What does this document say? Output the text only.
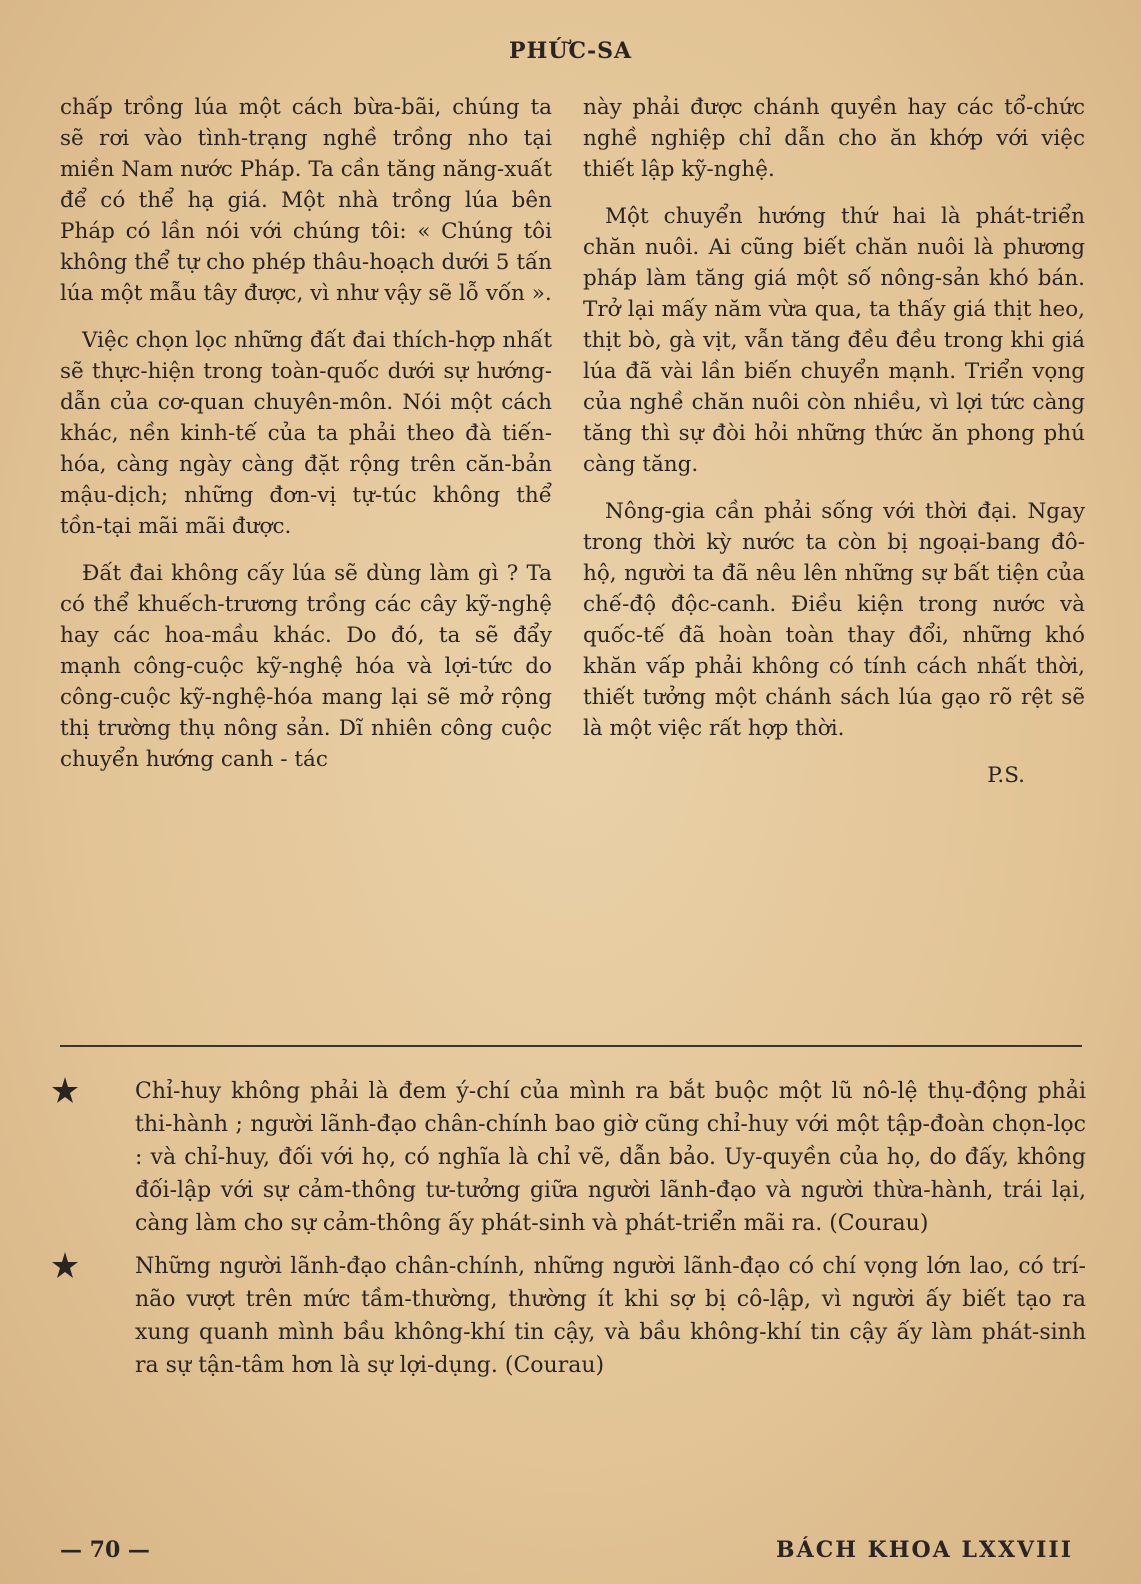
PHỨC-SA

chấp trồng lúa một cách bừa-bãi, chúng ta sẽ rơi vào tình-trạng nghề trồng nho tại miền Nam nước Pháp. Ta cần tăng năng-xuất để có thể hạ giá. Một nhà trồng lúa bên Pháp có lần nói với chúng tôi: « Chúng tôi không thể tự cho phép thâu-hoạch dưới 5 tấn lúa một mẫu tây được, vì như vậy sẽ lỗ vốn ».

Việc chọn lọc những đất đai thích-hợp nhất sẽ thực-hiện trong toàn-quốc dưới sự hướng-dẫn của cơ-quan chuyên-môn. Nói một cách khác, nền kinh-tế của ta phải theo đà tiến-hóa, càng ngày càng đặt rộng trên căn-bản mậu-dịch; những đơn-vị tự-túc không thể tồn-tại mãi mãi được.

Đất đai không cấy lúa sẽ dùng làm gì ? Ta có thể khuếch-trương trồng các cây kỹ-nghệ hay các hoa-mầu khác. Do đó, ta sẽ đẩy mạnh công-cuộc kỹ-nghệ hóa và lợi-tức do công-cuộc kỹ-nghệ-hóa mang lại sẽ mở rộng thị trường thụ nông sản. Dĩ nhiên công cuộc chuyển hướng canh - tác

này phải được chánh quyền hay các tổ-chức nghề nghiệp chỉ dẫn cho ăn khớp với việc thiết lập kỹ-nghệ.

Một chuyển hướng thứ hai là phát-triển chăn nuôi. Ai cũng biết chăn nuôi là phương pháp làm tăng giá một số nông-sản khó bán. Trở lại mấy năm vừa qua, ta thấy giá thịt heo, thịt bò, gà vịt, vẫn tăng đều đều trong khi giá lúa đã vài lần biến chuyển mạnh. Triển vọng của nghề chăn nuôi còn nhiều, vì lợi tức càng tăng thì sự đòi hỏi những thức ăn phong phú càng tăng.

Nông-gia cần phải sống với thời đại. Ngay trong thời kỳ nước ta còn bị ngoại-bang đô-hộ, người ta đã nêu lên những sự bất tiện của chế-độ độc-canh. Điều kiện trong nước và quốc-tế đã hoàn toàn thay đổi, những khó khăn vấp phải không có tính cách nhất thời, thiết tưởng một chánh sách lúa gạo rõ rệt sẽ là một việc rất hợp thời.

P.S.
Chỉ-huy không phải là đem ý-chí của mình ra bắt buộc một lũ nô-lệ thụ-động phải thi-hành ; người lãnh-đạo chân-chính bao giờ cũng chỉ-huy với một tập-đoàn chọn-lọc : và chỉ-huy, đối với họ, có nghĩa là chỉ vẽ, dẫn bảo. Uy-quyền của họ, do đấy, không đối-lập với sự cảm-thông tư-tưởng giữa người lãnh-đạo và người thừa-hành, trái lại, càng làm cho sự cảm-thông ấy phát-sinh và phát-triển mãi ra. (Courau)
Những người lãnh-đạo chân-chính, những người lãnh-đạo có chí vọng lớn lao, có trí-não vượt trên mức tầm-thường, thường ít khi sợ bị cô-lập, vì người ấy biết tạo ra xung quanh mình bầu không-khí tin cậy, và bầu không-khí tin cậy ấy làm phát-sinh ra sự tận-tâm hơn là sự lợi-dụng. (Courau)
— 70 —	BÁCH KHOA LXXVIII
